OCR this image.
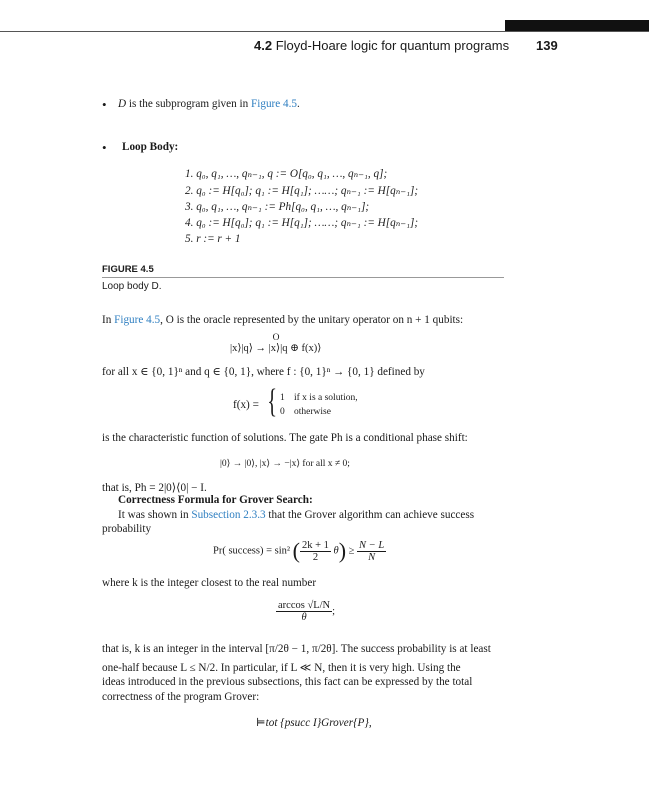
4.2 Floyd-Hoare logic for quantum programs 139
• D is the subprogram given in Figure 4.5.
• Loop Body:
1. q₀, q₁, …, qₙ₋₁, q := O[q₀, q₁, …, qₙ₋₁, q];
2. q₀ := H[q₀]; q₁ := H[q₁]; ……; qₙ₋₁ := H[qₙ₋₁];
3. q₀, q₁, …, qₙ₋₁ := Ph[q₀, q₁, …, qₙ₋₁];
4. q₀ := H[q₀]; q₁ := H[q₁]; ……; qₙ₋₁ := H[qₙ₋₁];
5. r := r + 1
FIGURE 4.5
Loop body D.
In Figure 4.5, O is the oracle represented by the unitary operator on n + 1 qubits:
O
|x⟩|q⟩ → |x⟩|q ⊕ f(x)⟩
for all x ∈ {0, 1}ⁿ and q ∈ {0, 1}, where f : {0, 1}ⁿ → {0, 1} defined by
f(x) = { 1 if x is a solution,
0 otherwise
is the characteristic function of solutions. The gate Ph is a conditional phase shift:
|0⟩ → |0⟩, |x⟩ → −|x⟩ for all x ≠ 0;
that is, Ph = 2|0⟩⟨0| − I.
Correctness Formula for Grover Search:
It was shown in Subsection 2.3.3 that the Grover algorithm can achieve success
probability
Pr( success) = sin² ( $\frac{2k + 1}{2} \theta) \ge \frac{N - L}{N}$
where k is the integer closest to the real number
$\frac{\arccos √L/N}{\theta}$ ;
that is, k is an integer in the interval [π/2θ − 1, π/2θ]. The success probability is at least
one-half because L ≤ N/2. In particular, if L ≪ N, then it is very high. Using the
ideas introduced in the previous subsections, this fact can be expressed by the total
correctness of the program Grover:
⊨tot {psucc I}Grover{P},
